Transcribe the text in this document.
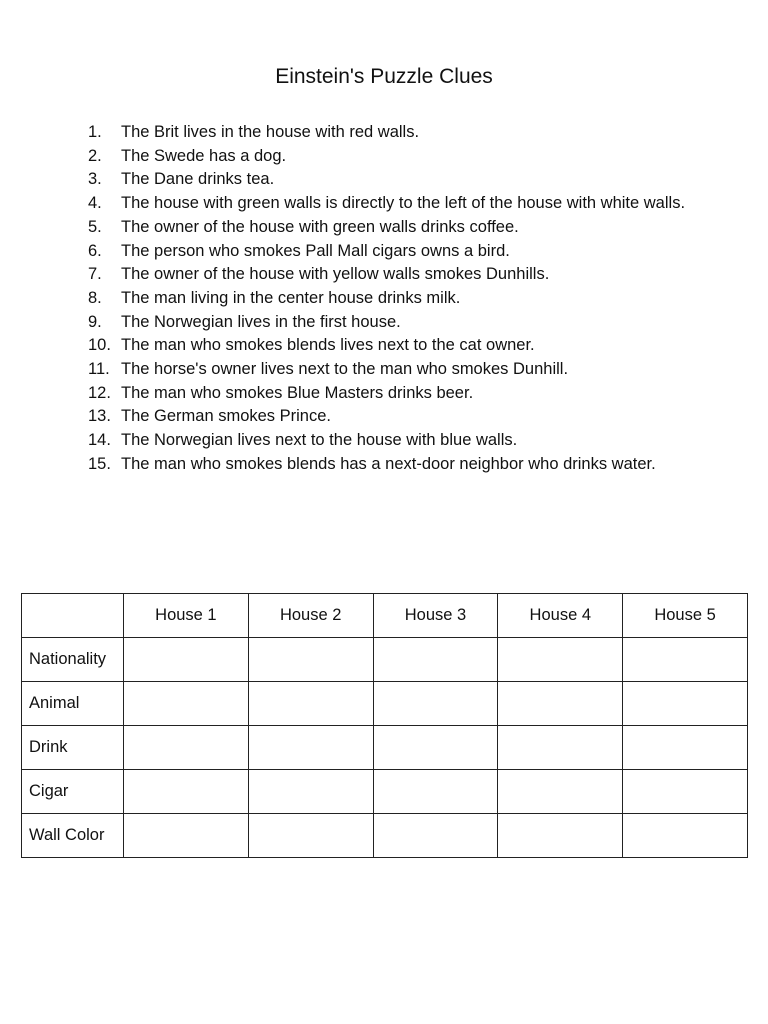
Einstein's Puzzle Clues
1.	The Brit lives in the house with red walls.
2.	The Swede has a dog.
3.	The Dane drinks tea.
4.	The house with green walls is directly to the left of the house with white walls.
5.	The owner of the house with green walls drinks coffee.
6.	The person who smokes Pall Mall cigars owns a bird.
7.	The owner of the house with yellow walls smokes Dunhills.
8.	The man living in the center house drinks milk.
9.	The Norwegian lives in the first house.
10. The man who smokes blends lives next to the cat owner.
11. The horse's owner lives next to the man who smokes Dunhill.
12. The man who smokes Blue Masters drinks beer.
13. The German smokes Prince.
14. The Norwegian lives next to the house with blue walls.
15. The man who smokes blends has a next-door neighbor who drinks water.
	House 1	House 2	House 3	House 4	House 5
Nationality					
Animal					
Drink					
Cigar					
Wall Color					
